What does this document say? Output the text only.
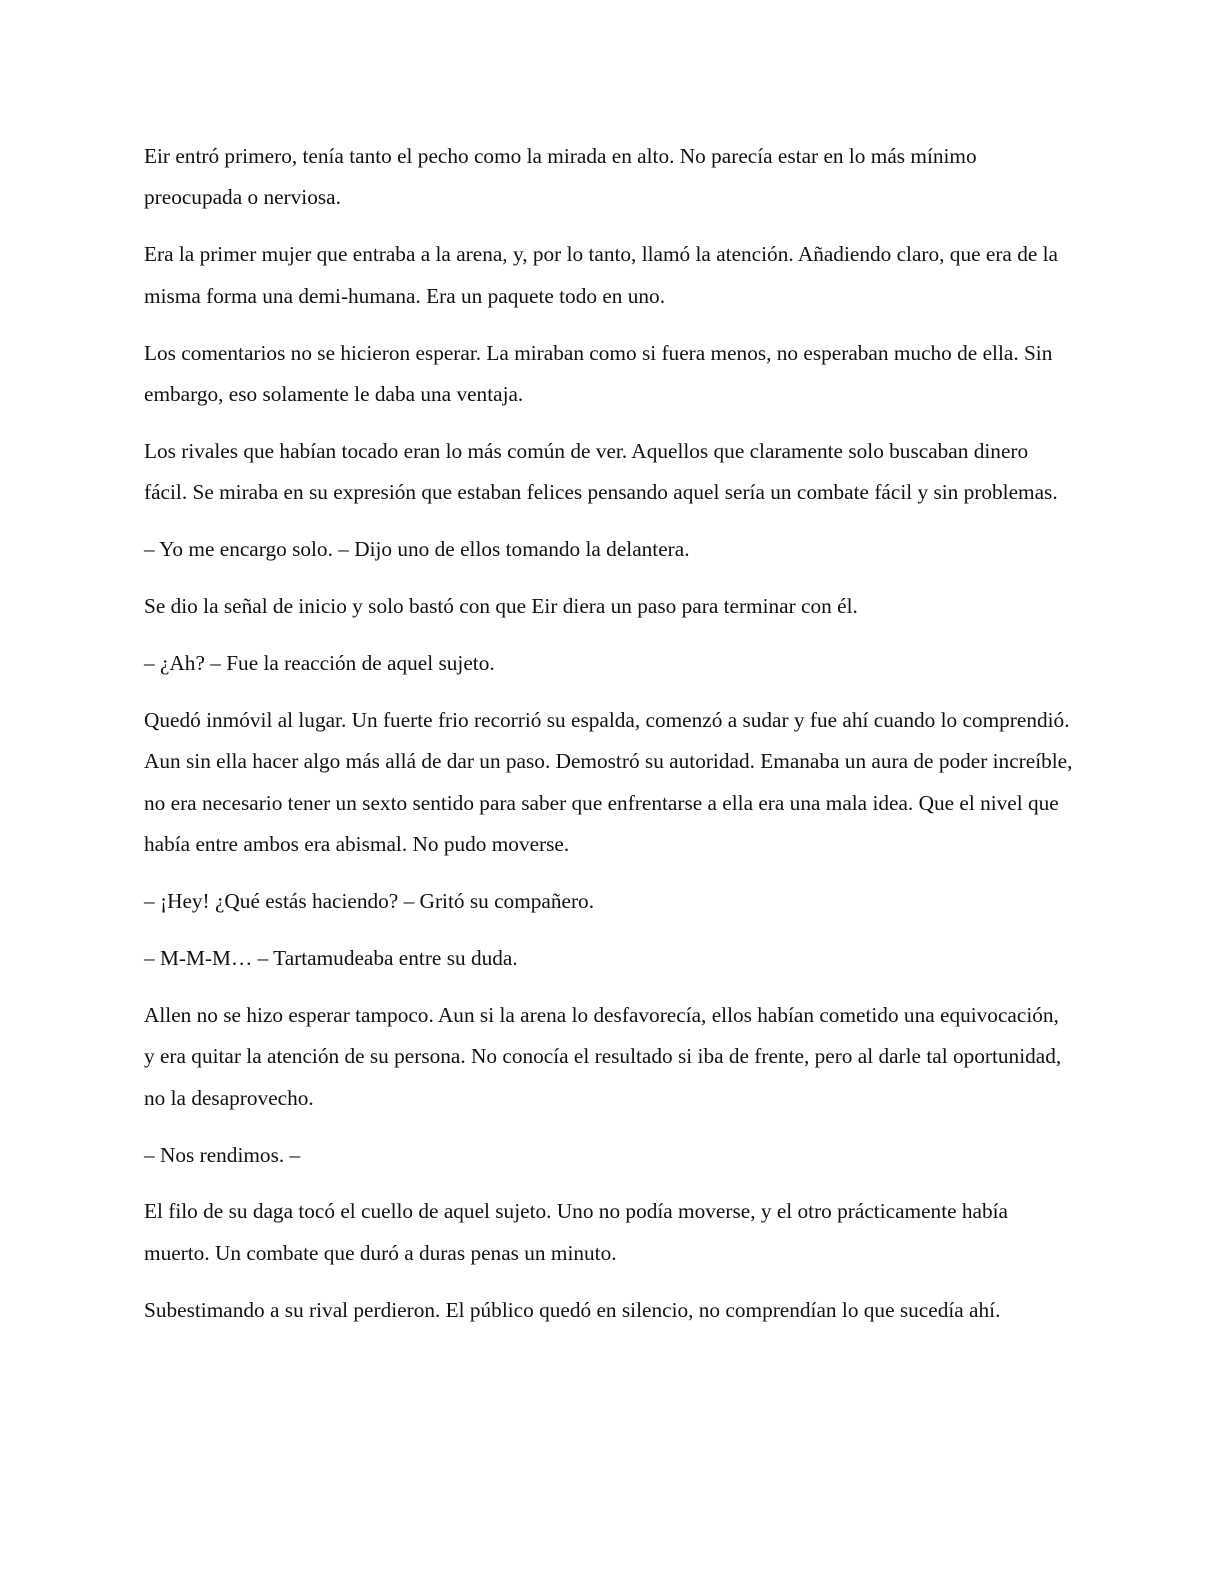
Eir entró primero, tenía tanto el pecho como la mirada en alto. No parecía estar en lo más mínimo preocupada o nerviosa.

Era la primer mujer que entraba a la arena, y, por lo tanto, llamó la atención. Añadiendo claro, que era de la misma forma una demi-humana. Era un paquete todo en uno.

Los comentarios no se hicieron esperar. La miraban como si fuera menos, no esperaban mucho de ella. Sin embargo, eso solamente le daba una ventaja.

Los rivales que habían tocado eran lo más común de ver. Aquellos que claramente solo buscaban dinero fácil. Se miraba en su expresión que estaban felices pensando aquel sería un combate fácil y sin problemas.

– Yo me encargo solo. – Dijo uno de ellos tomando la delantera.

Se dio la señal de inicio y solo bastó con que Eir diera un paso para terminar con él.

– ¿Ah? – Fue la reacción de aquel sujeto.

Quedó inmóvil al lugar. Un fuerte frio recorrió su espalda, comenzó a sudar y fue ahí cuando lo comprendió. Aun sin ella hacer algo más allá de dar un paso. Demostró su autoridad. Emanaba un aura de poder increíble, no era necesario tener un sexto sentido para saber que enfrentarse a ella era una mala idea. Que el nivel que había entre ambos era abismal. No pudo moverse.

– ¡Hey! ¿Qué estás haciendo? – Gritó su compañero.

– M-M-M… – Tartamudeaba entre su duda.

Allen no se hizo esperar tampoco. Aun si la arena lo desfavorecía, ellos habían cometido una equivocación, y era quitar la atención de su persona. No conocía el resultado si iba de frente, pero al darle tal oportunidad, no la desaprovecho.

– Nos rendimos. –

El filo de su daga tocó el cuello de aquel sujeto. Uno no podía moverse, y el otro prácticamente había muerto. Un combate que duró a duras penas un minuto.

Subestimando a su rival perdieron. El público quedó en silencio, no comprendían lo que sucedía ahí.
